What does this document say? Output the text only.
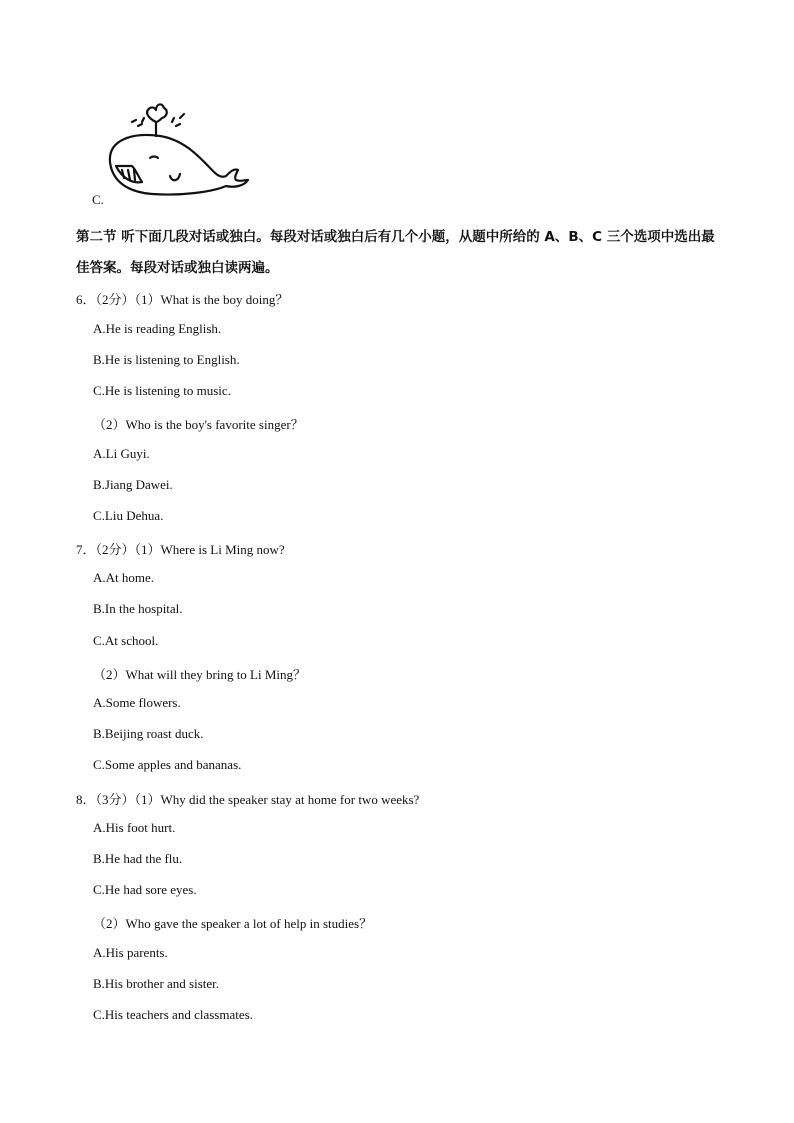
C.
第二节 听下面几段对话或独白。每段对话或独白后有几个小题，从题中所给的 A、B、C 三个选项中选出最佳答案。每段对话或独白读两遍。
6．（2分）（1）What is the boy doing？
A.He is reading English.
B.He is listening to English.
C.He is listening to music.
（2）Who is the boy's favorite singer？
A.Li Guyi.
B.Jiang Dawei.
C.Liu Dehua.
7．（2分）（1）Where is Li Ming now?
A.At home.
B.In the hospital.
C.At school.
（2）What will they bring to Li Ming？
A.Some flowers.
B.Beijing roast duck.
C.Some apples and bananas.
8．（3分）（1）Why did the speaker stay at home for two weeks?
A.His foot hurt.
B.He had the flu.
C.He had sore eyes.
（2）Who gave the speaker a lot of help in studies？
A.His parents.
B.His brother and sister.
C.His teachers and classmates.
